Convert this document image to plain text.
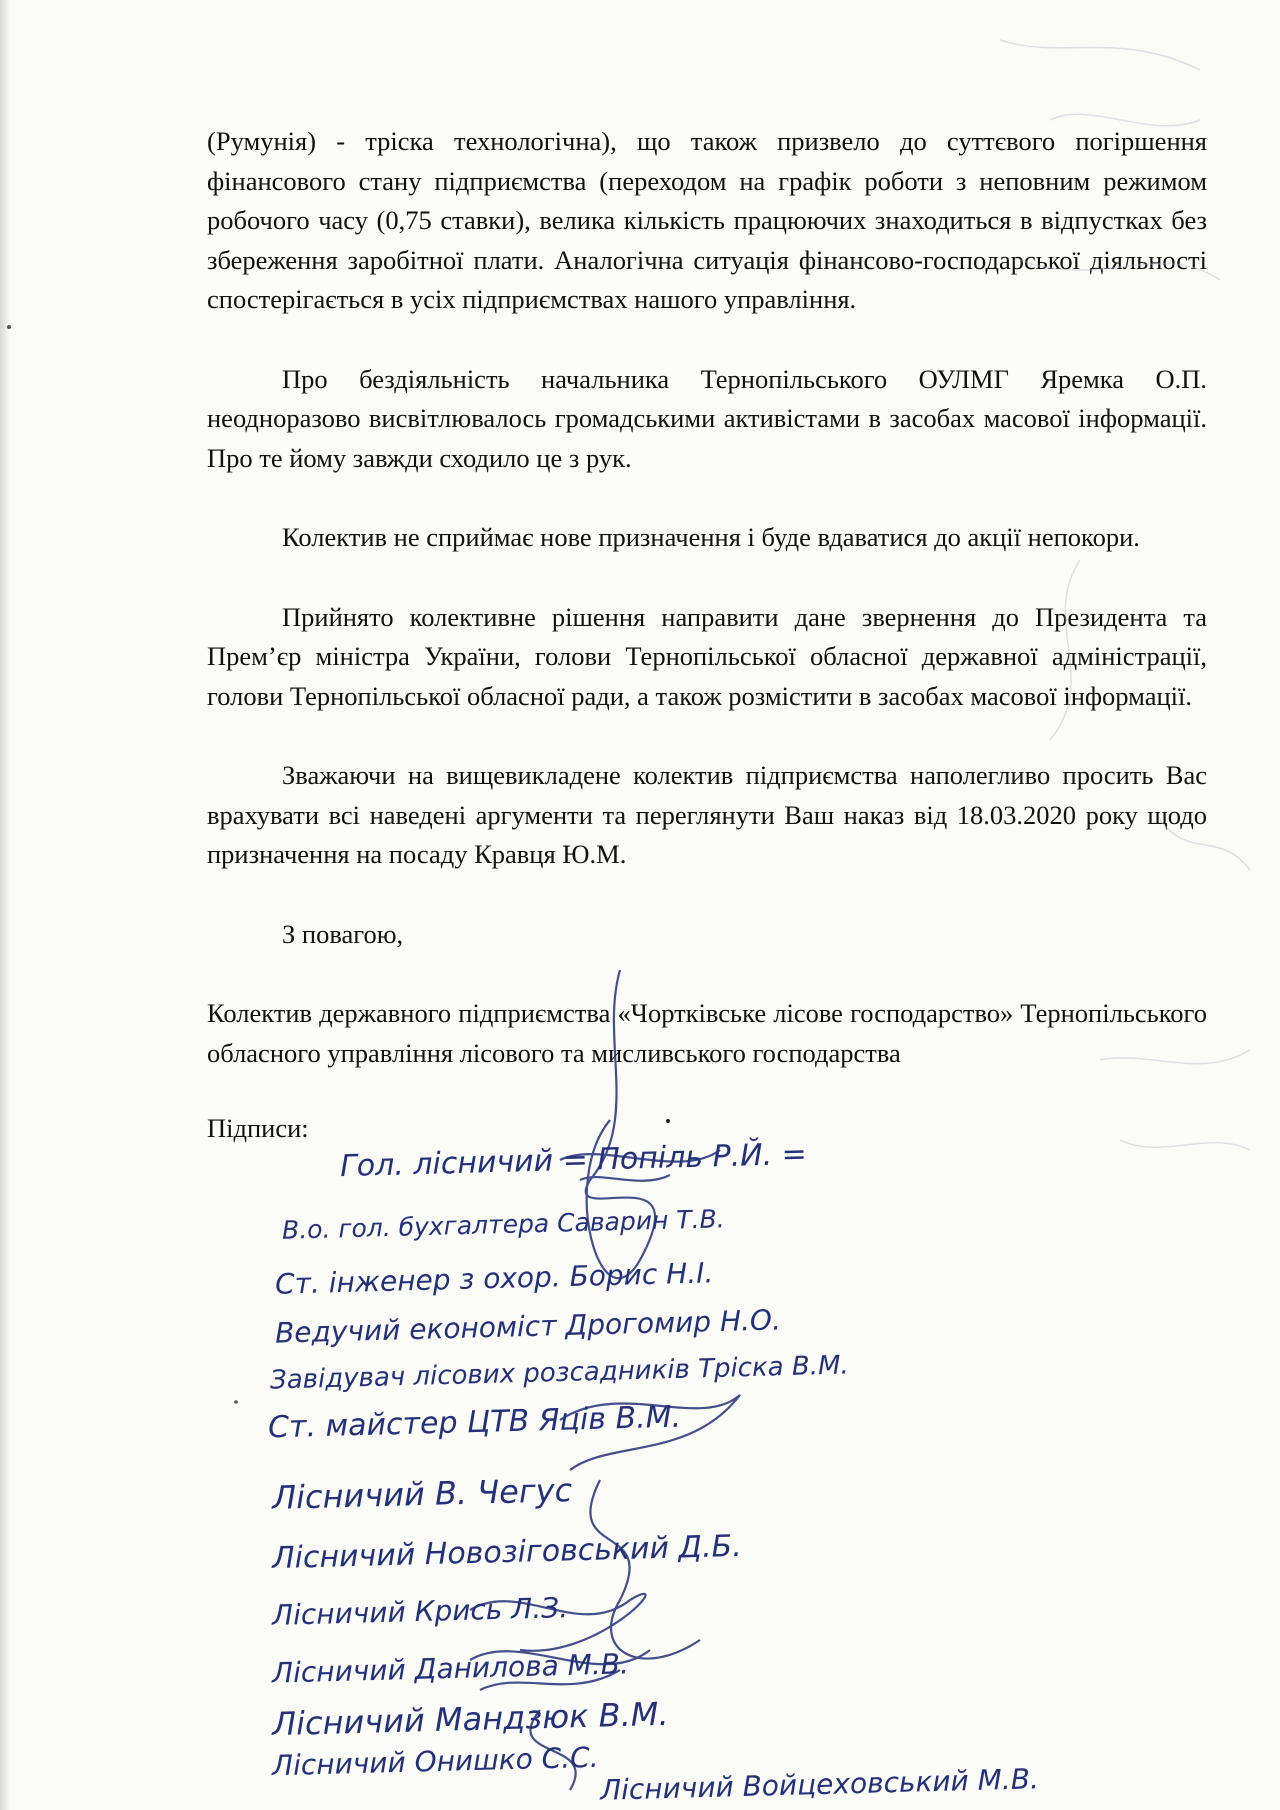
(Румунія) - тріска технологічна), що також призвело до суттєвого погіршення фінансового стану підприємства (переходом на графік роботи з неповним режимом робочого часу (0,75 ставки), велика кількість працюючих знаходиться в відпустках без збереження заробітної плати. Аналогічна ситуація фінансово-господарської діяльності спостерігається в усіх підприємствах нашого управління.

Про бездіяльність начальника Тернопільського ОУЛМГ Яремка О.П. неодноразово висвітлювалось громадськими активістами в засобах масової інформації. Про те йому завжди сходило це з рук.

Колектив не сприймає нове призначення і буде вдаватися до акції непокори.

Прийнято колективне рішення направити дане звернення до Президента та Прем’єр міністра України, голови Тернопільської обласної державної адміністрації, голови Тернопільської обласної ради, а також розмістити в засобах масової інформації.

Зважаючи на вищевикладене колектив підприємства наполегливо просить Вас врахувати всі наведені аргументи та переглянути Ваш наказ від 18.03.2020 року щодо призначення на посаду Кравця Ю.М.

З повагою,

Колектив державного підприємства «Чортківське лісове господарство» Тернопільського обласного управління лісового та мисливського господарства

Підписи:

Гол. лісничий = Попіль Р.Й. =
В.о. гол. бухгалтера Саварин Т.В.
Ст. інженер з охор. Борис Н.І.
Ведучий економіст Дрогомир Н.О.
Завідувач лісових розсадників Тріска В.М.
Ст. майстер ЦТВ Яців В.М.
Лісничий В. Чегус
Лісничий Новозіговський Д.Б.
Лісничий Крись Л.З.
Лісничий Данилова М.В.
Лісничий Мандзюк В.М.
Лісничий Онишко С.С.
Лісничий Войцеховський М.В.
